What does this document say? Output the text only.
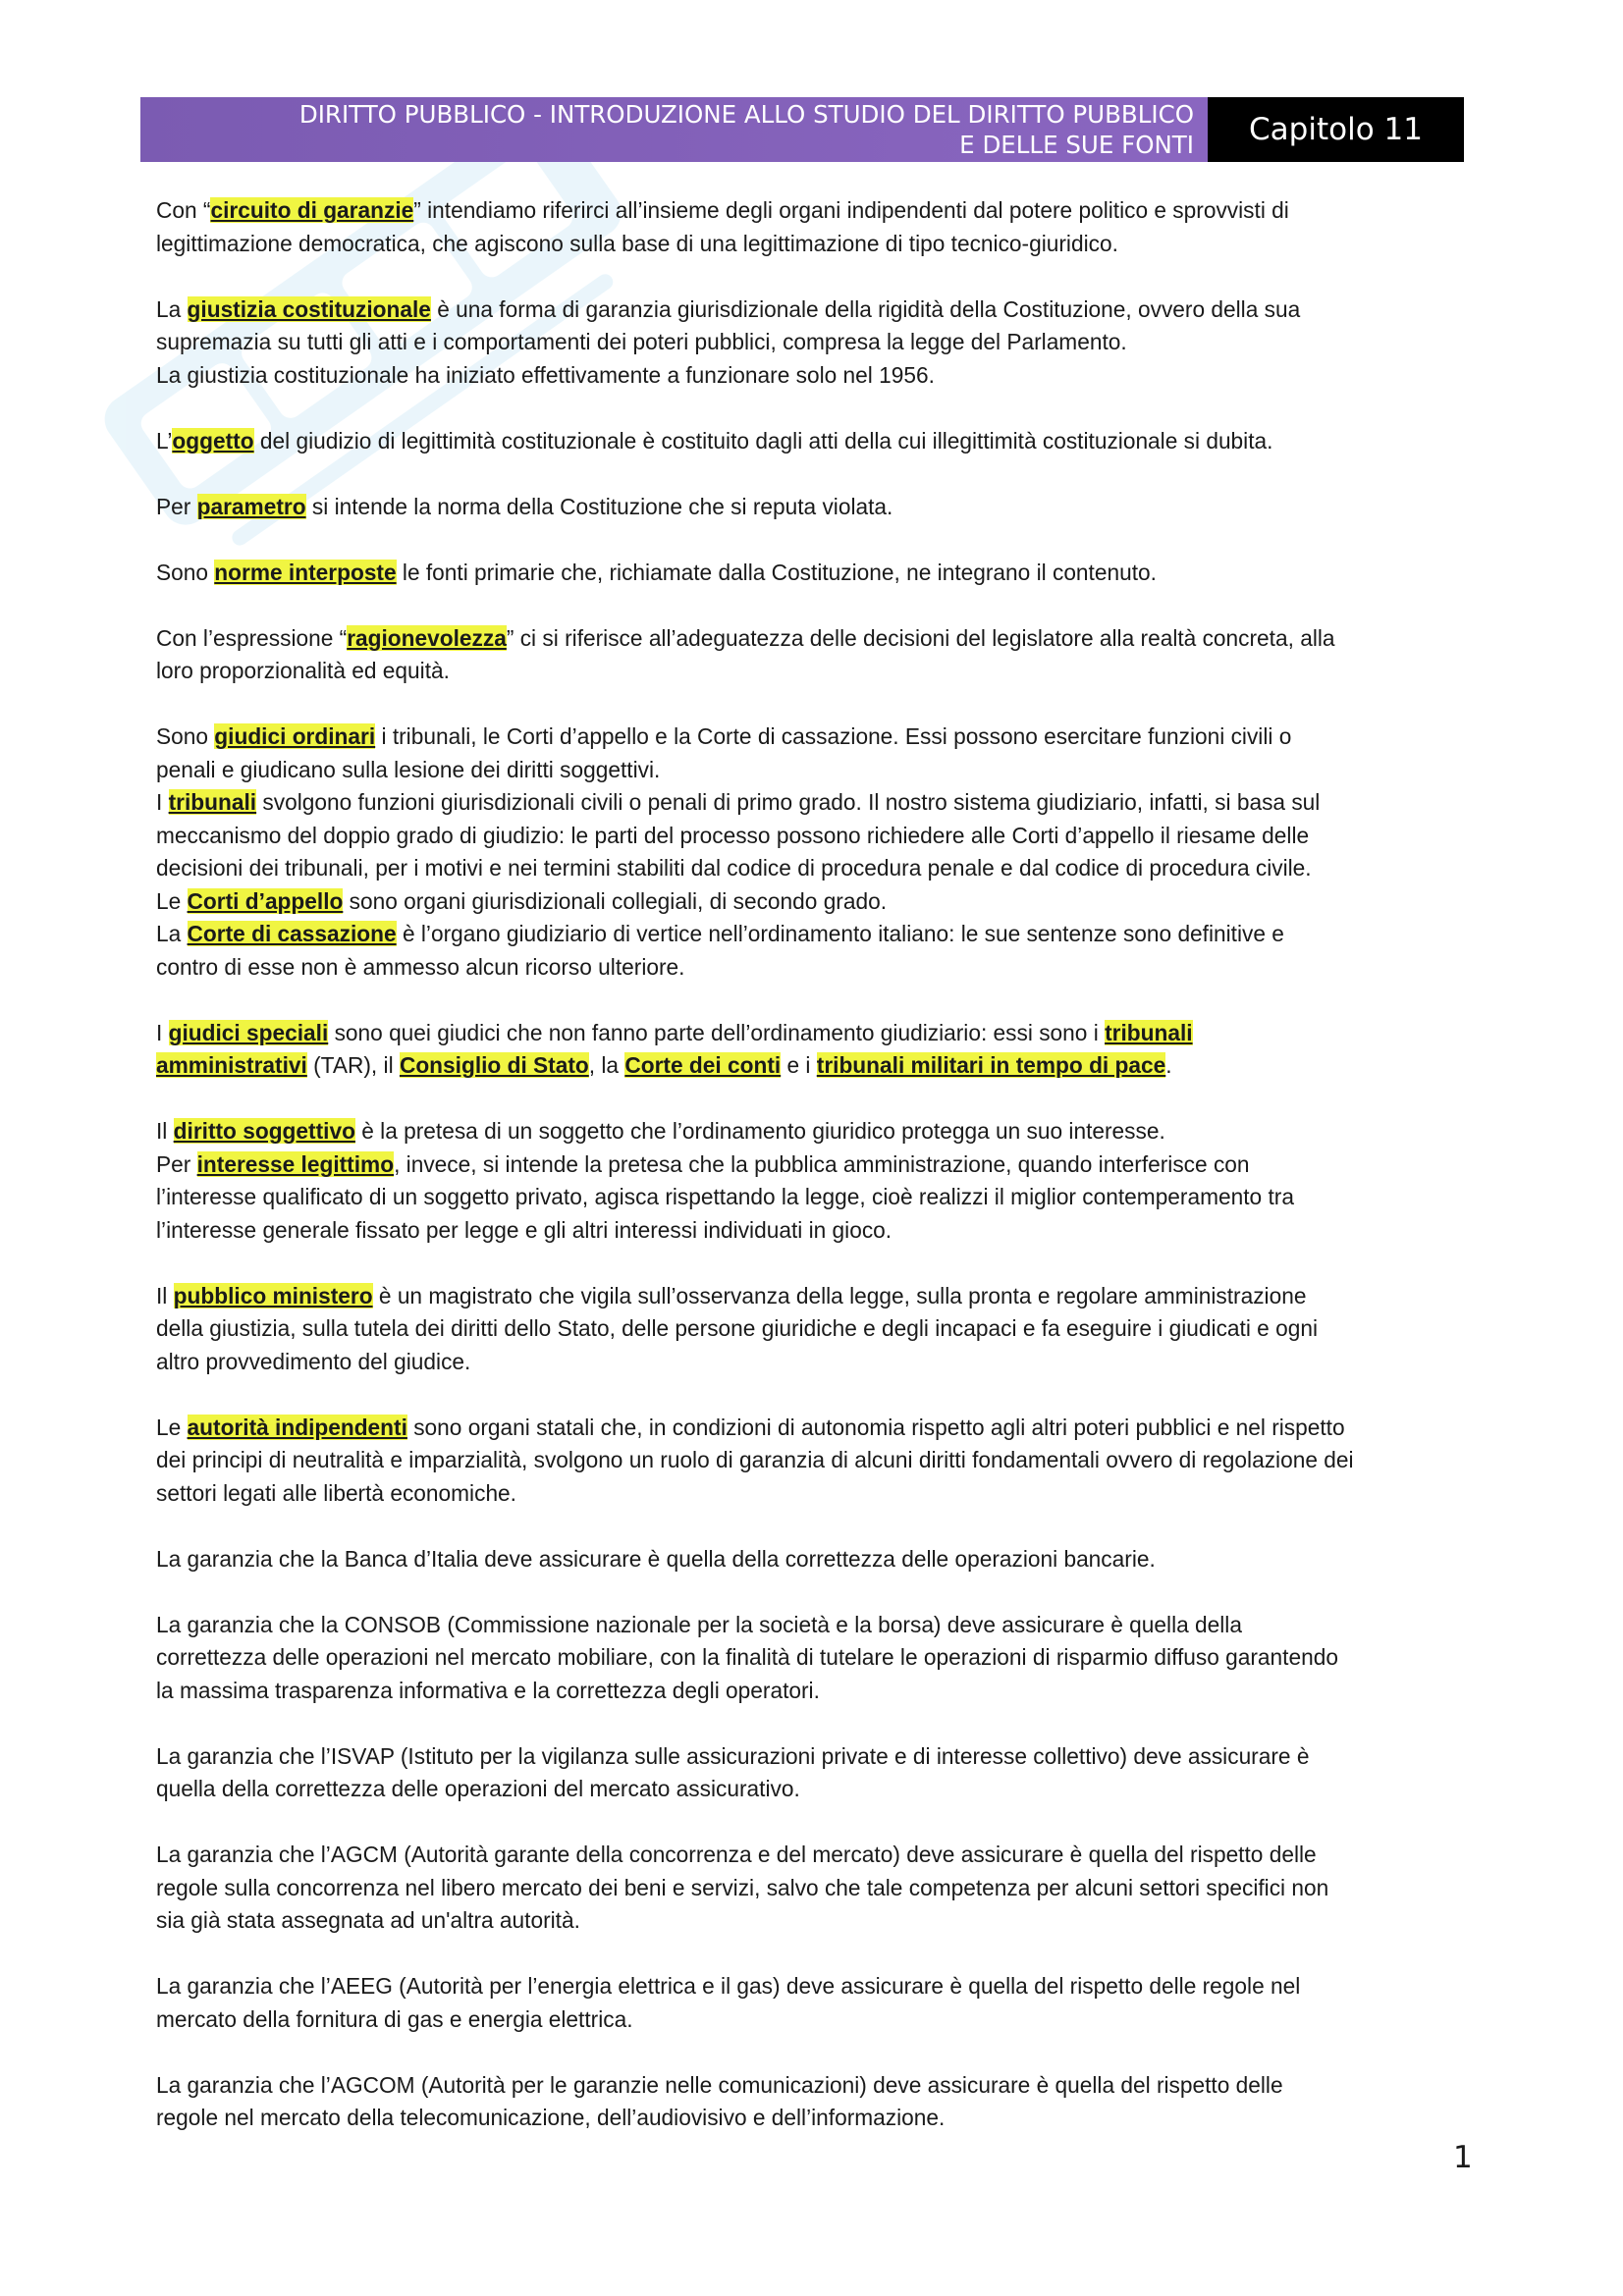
DIRITTO PUBBLICO - INTRODUZIONE ALLO STUDIO DEL DIRITTO PUBBLICO
E DELLE SUE FONTI Capitolo 11
Con “circuito di garanzie” intendiamo riferirci all’insieme degli organi indipendenti dal potere politico e sprovvisti di
legittimazione democratica, che agiscono sulla base di una legittimazione di tipo tecnico-giuridico.
La giustizia costituzionale è una forma di garanzia giurisdizionale della rigidità della Costituzione, ovvero della sua
supremazia su tutti gli atti e i comportamenti dei poteri pubblici, compresa la legge del Parlamento.
La giustizia costituzionale ha iniziato effettivamente a funzionare solo nel 1956.
L’oggetto del giudizio di legittimità costituzionale è costituito dagli atti della cui illegittimità costituzionale si dubita.
Per parametro si intende la norma della Costituzione che si reputa violata.
Sono norme interposte le fonti primarie che, richiamate dalla Costituzione, ne integrano il contenuto.
Con l’espressione “ragionevolezza” ci si riferisce all’adeguatezza delle decisioni del legislatore alla realtà concreta, alla
loro proporzionalità ed equità.
Sono giudici ordinari i tribunali, le Corti d’appello e la Corte di cassazione. Essi possono esercitare funzioni civili o
penali e giudicano sulla lesione dei diritti soggettivi.
I tribunali svolgono funzioni giurisdizionali civili o penali di primo grado. Il nostro sistema giudiziario, infatti, si basa sul
meccanismo del doppio grado di giudizio: le parti del processo possono richiedere alle Corti d’appello il riesame delle
decisioni dei tribunali, per i motivi e nei termini stabiliti dal codice di procedura penale e dal codice di procedura civile.
Le Corti d’appello sono organi giurisdizionali collegiali, di secondo grado.
La Corte di cassazione è l’organo giudiziario di vertice nell’ordinamento italiano: le sue sentenze sono definitive e
contro di esse non è ammesso alcun ricorso ulteriore.
I giudici speciali sono quei giudici che non fanno parte dell’ordinamento giudiziario: essi sono i tribunali
amministrativi (TAR), il Consiglio di Stato, la Corte dei conti e i tribunali militari in tempo di pace.
Il diritto soggettivo è la pretesa di un soggetto che l’ordinamento giuridico protegga un suo interesse.
Per interesse legittimo, invece, si intende la pretesa che la pubblica amministrazione, quando interferisce con
l’interesse qualificato di un soggetto privato, agisca rispettando la legge, cioè realizzi il miglior contemperamento tra
l’interesse generale fissato per legge e gli altri interessi individuati in gioco.
Il pubblico ministero è un magistrato che vigila sull’osservanza della legge, sulla pronta e regolare amministrazione
della giustizia, sulla tutela dei diritti dello Stato, delle persone giuridiche e degli incapaci e fa eseguire i giudicati e ogni
altro provvedimento del giudice.
Le autorità indipendenti sono organi statali che, in condizioni di autonomia rispetto agli altri poteri pubblici e nel rispetto
dei principi di neutralità e imparzialità, svolgono un ruolo di garanzia di alcuni diritti fondamentali ovvero di regolazione dei
settori legati alle libertà economiche.
La garanzia che la Banca d’Italia deve assicurare è quella della correttezza delle operazioni bancarie.
La garanzia che la CONSOB (Commissione nazionale per la società e la borsa) deve assicurare è quella della
correttezza delle operazioni nel mercato mobiliare, con la finalità di tutelare le operazioni di risparmio diffuso garantendo
la massima trasparenza informativa e la correttezza degli operatori.
La garanzia che l’ISVAP (Istituto per la vigilanza sulle assicurazioni private e di interesse collettivo) deve assicurare è
quella della correttezza delle operazioni del mercato assicurativo.
La garanzia che l’AGCM (Autorità garante della concorrenza e del mercato) deve assicurare è quella del rispetto delle
regole sulla concorrenza nel libero mercato dei beni e servizi, salvo che tale competenza per alcuni settori specifici non
sia già stata assegnata ad un'altra autorità.
La garanzia che l’AEEG (Autorità per l’energia elettrica e il gas) deve assicurare è quella del rispetto delle regole nel
mercato della fornitura di gas e energia elettrica.
La garanzia che l’AGCOM (Autorità per le garanzie nelle comunicazioni) deve assicurare è quella del rispetto delle
regole nel mercato della telecomunicazione, dell’audiovisivo e dell’informazione.
1
